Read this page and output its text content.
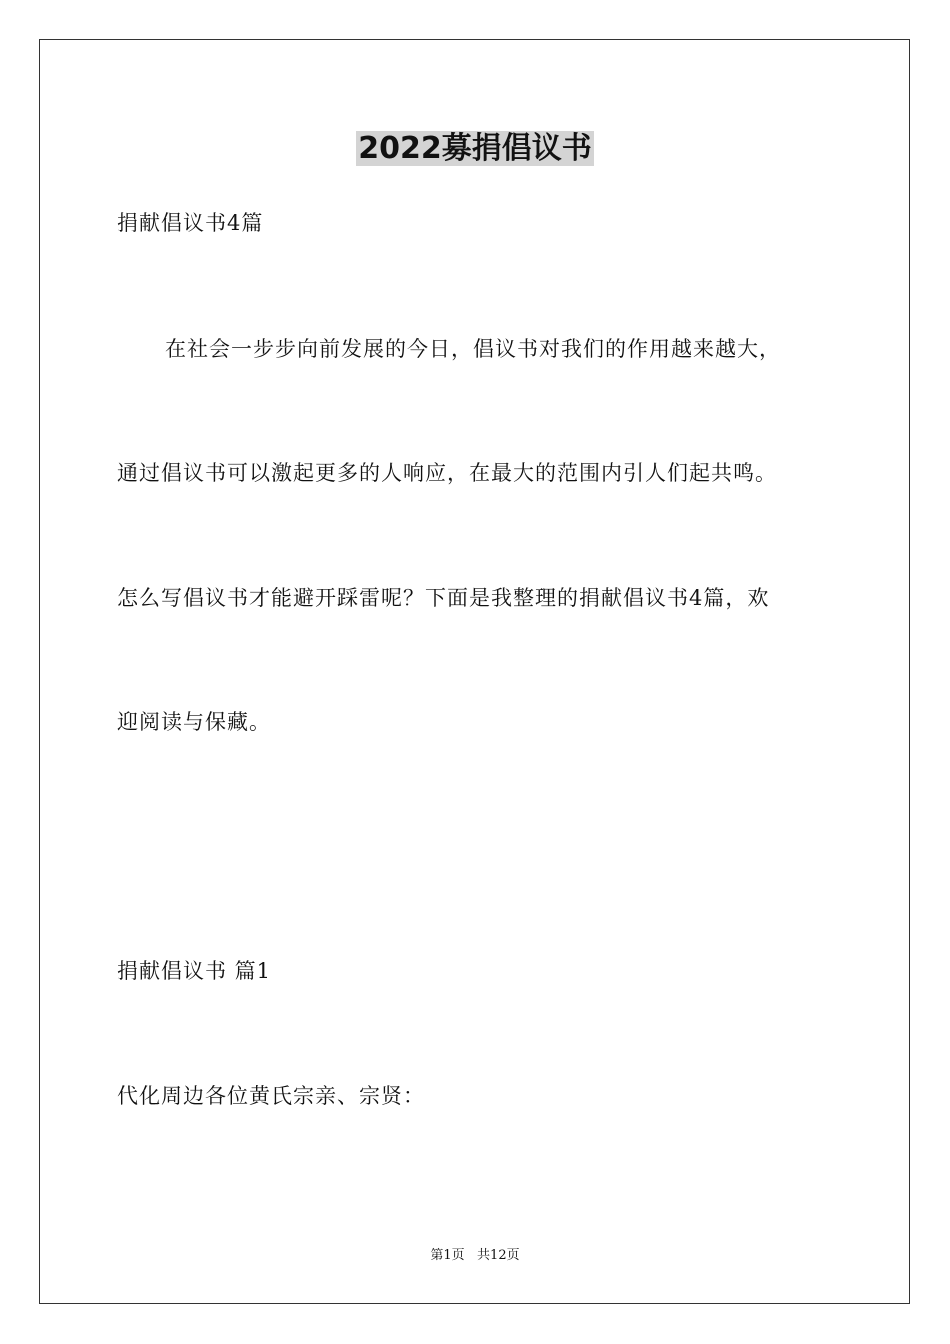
2022募捐倡议书

捐献倡议书4篇

在社会一步步向前发展的今日，倡议书对我们的作用越来越大，

通过倡议书可以激起更多的人响应，在最大的范围内引人们起共鸣。

怎么写倡议书才能避开踩雷呢？下面是我整理的捐献倡议书4篇，欢

迎阅读与保藏。

捐献倡议书 篇1

代化周边各位黄氏宗亲、宗贤：

第1页   共12页
